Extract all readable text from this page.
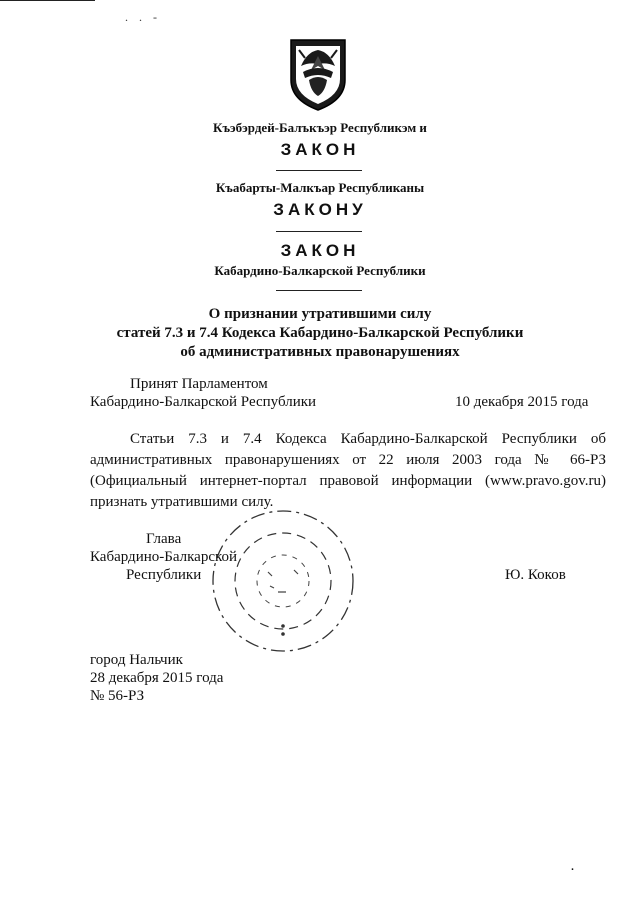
. . -
Къэбэрдей-Балъкъэр Республикэм и
ЗАКОН
Къабарты-Малкъар Республиканы
ЗАКОНУ
ЗАКОН
Кабардино-Балкарской Республики
О признании утратившими силу
статей 7.3 и 7.4 Кодекса Кабардино-Балкарской Республики
об административных правонарушениях
Принят Парламентом
Кабардино-Балкарской Республики	10 декабря 2015 года
Статьи 7.3 и 7.4 Кодекса Кабардино-Балкарской Республики об административных правонарушениях от 22 июля 2003 года № 66-РЗ (Официальный интернет-портал правовой информации (www.pravo.gov.ru) признать утратившими силу.
Глава
Кабардино-Балкарской
Республики	Ю. Коков
город Нальчик
28 декабря 2015 года
№ 56-РЗ
·
